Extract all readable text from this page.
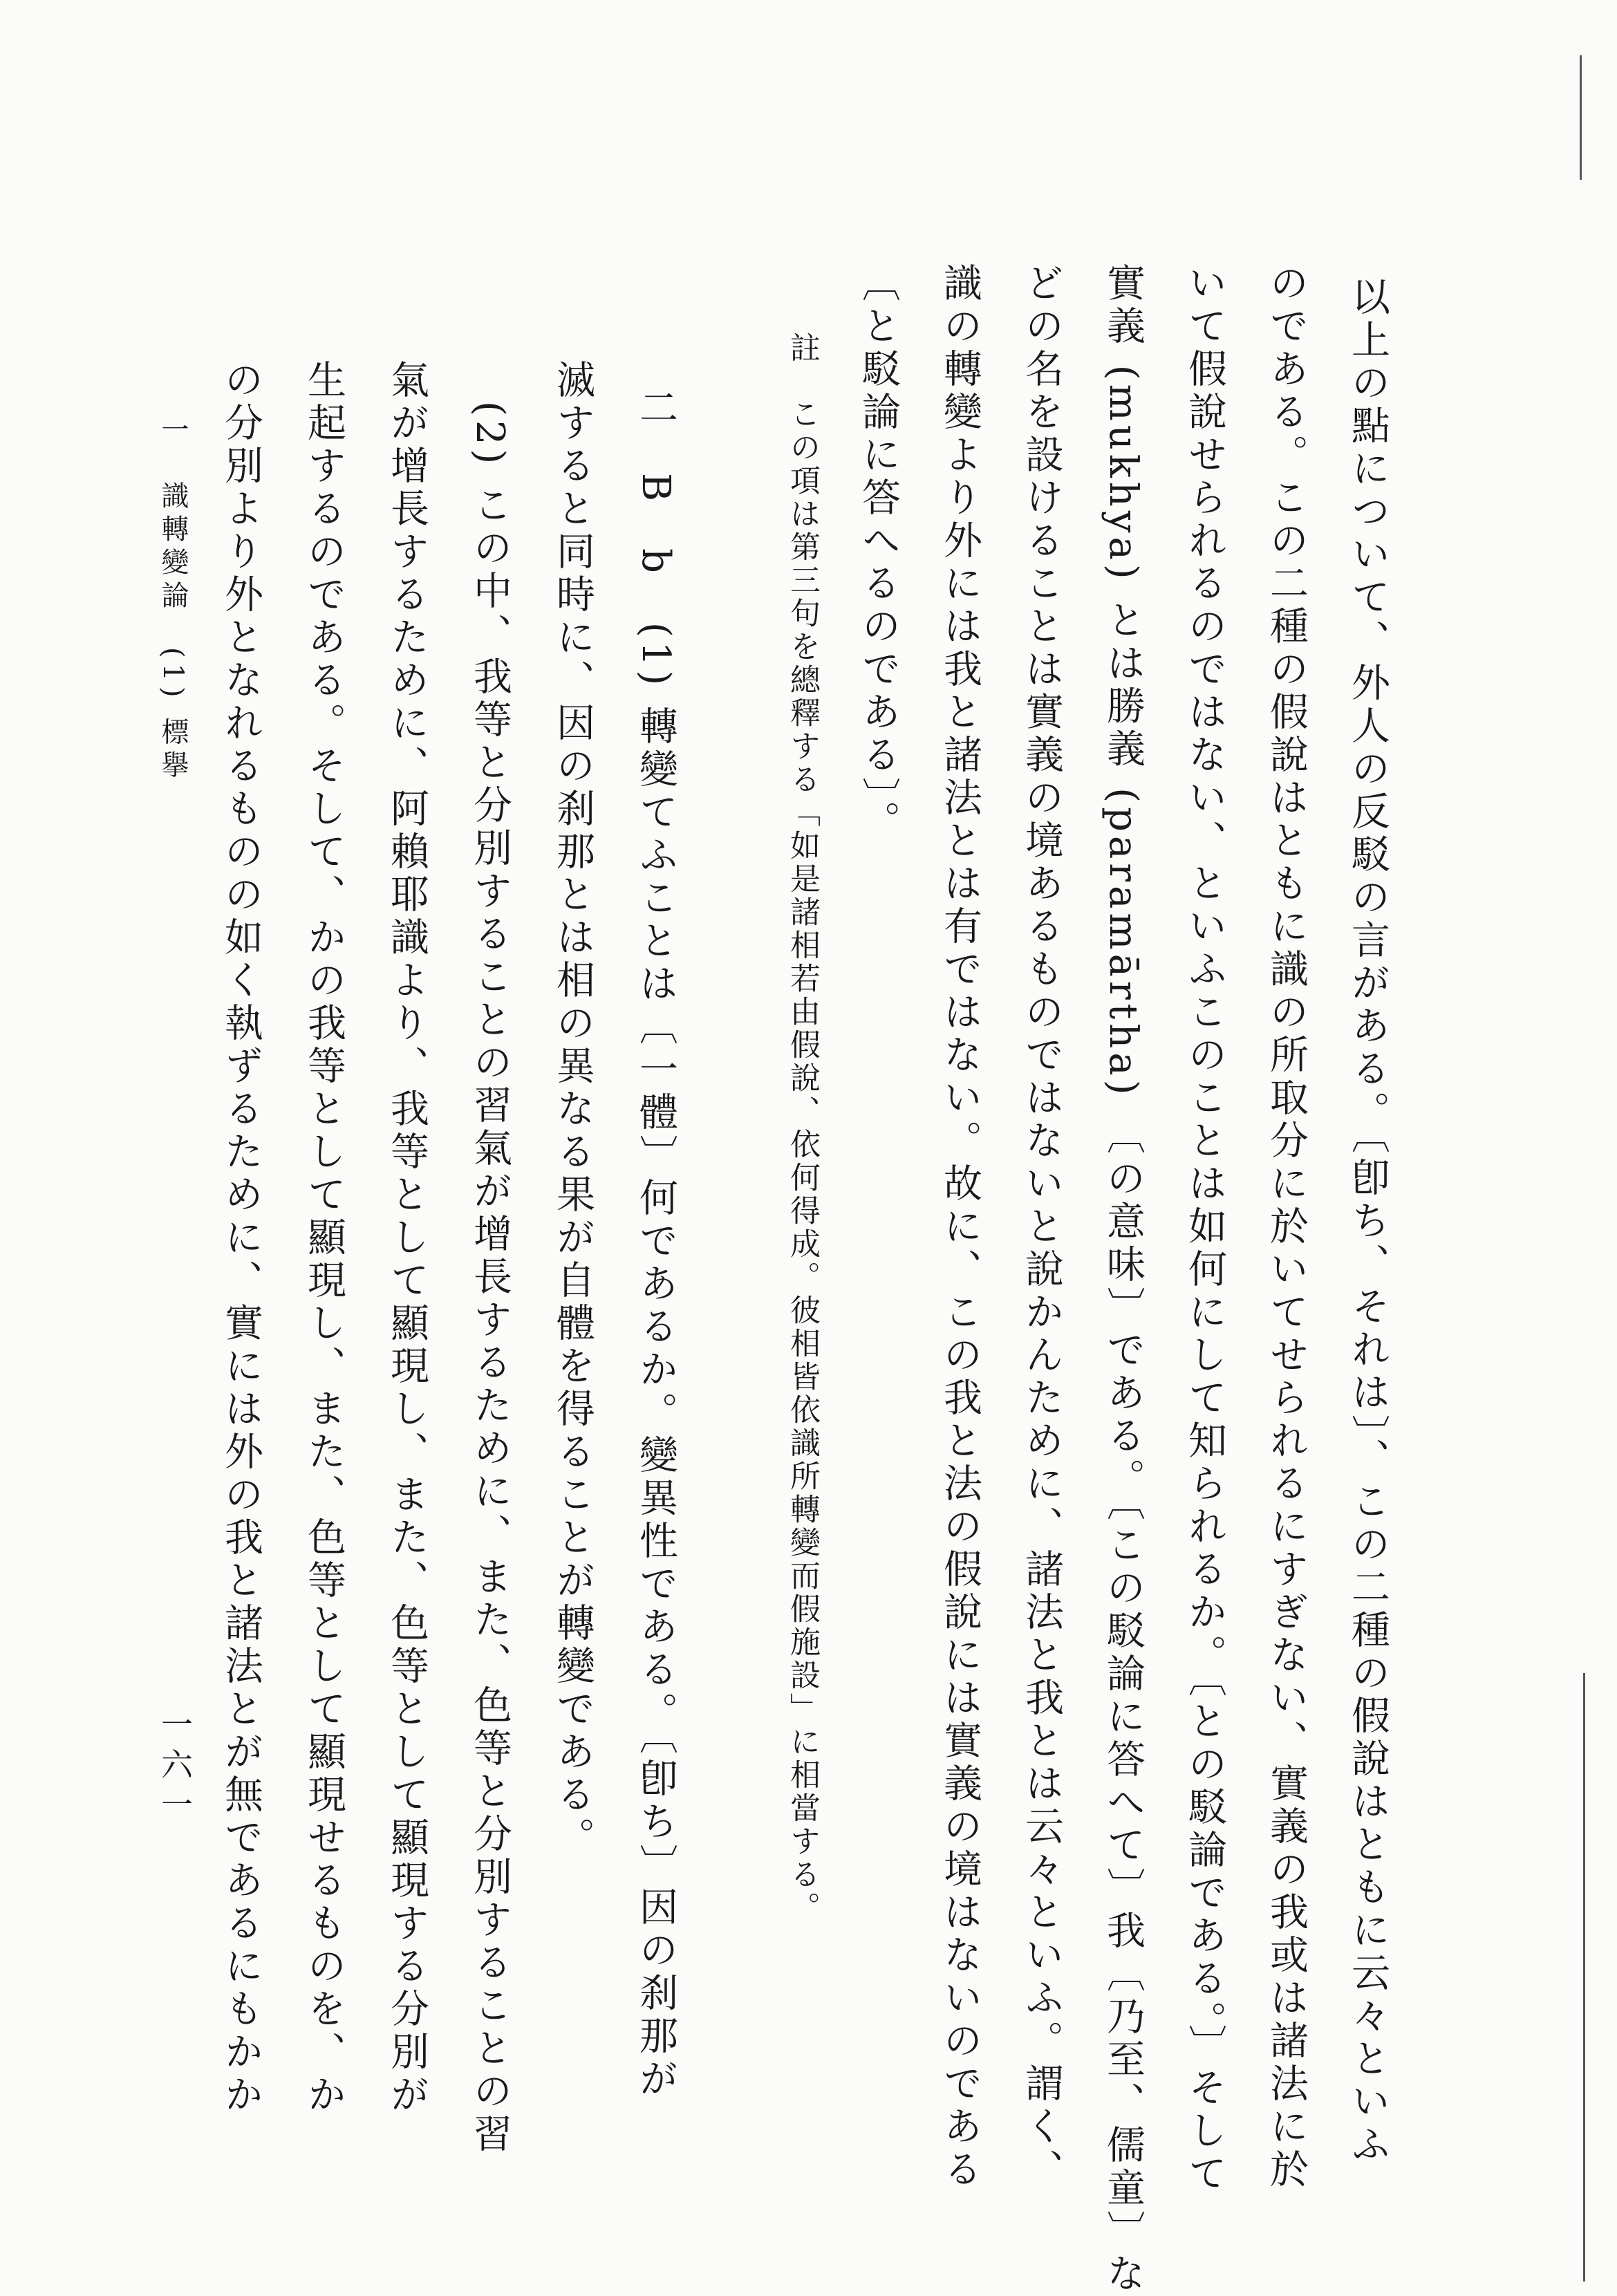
以上の點について、外人の反駁の言がある。〔卽ち、それは〕、この二種の假說はともに云々といふ
のである。この二種の假說はともに識の所取分に於いてせられるにすぎない、實義の我或は諸法に於
いて假說せられるのではない、といふこのことは如何にして知られるか。〔との駁論である。〕そして
實義 (mukhya) とは勝義 (paramārtha) 〔の意味〕である。〔この駁論に答へて〕我〔乃至、儒童〕な
どの名を設けることは實義の境あるものではないと說かんために、諸法と我とは云々といふ。謂く、
識の轉變より外には我と諸法とは有ではない。故に、この我と法の假說には實義の境はないのである
〔と駁論に答へるのである〕。
註　この項は第三句を總釋する「如是諸相若由假說、依何得成。彼相皆依識所轉變而假施設」に相當する。
二　B　b
(1) 轉變てふことは〔一體〕何であるか。變異性である。〔卽ち〕因の刹那が
滅すると同時に、因の刹那とは相の異なる果が自體を得ることが轉變である。
(2) この中、我等と分別することの習氣が增長するために、また、色等と分別することの習
氣が增長するために、阿賴耶識より、我等として顯現し、また、色等として顯現する分別が
生起するのである。そして、かの我等として顯現し、また、色等として顯現せるものを、か
の分別より外となれるものの如く執ずるために、實には外の我と諸法とが無であるにもかか
一　識轉變論　(1) 標擧
一六一
